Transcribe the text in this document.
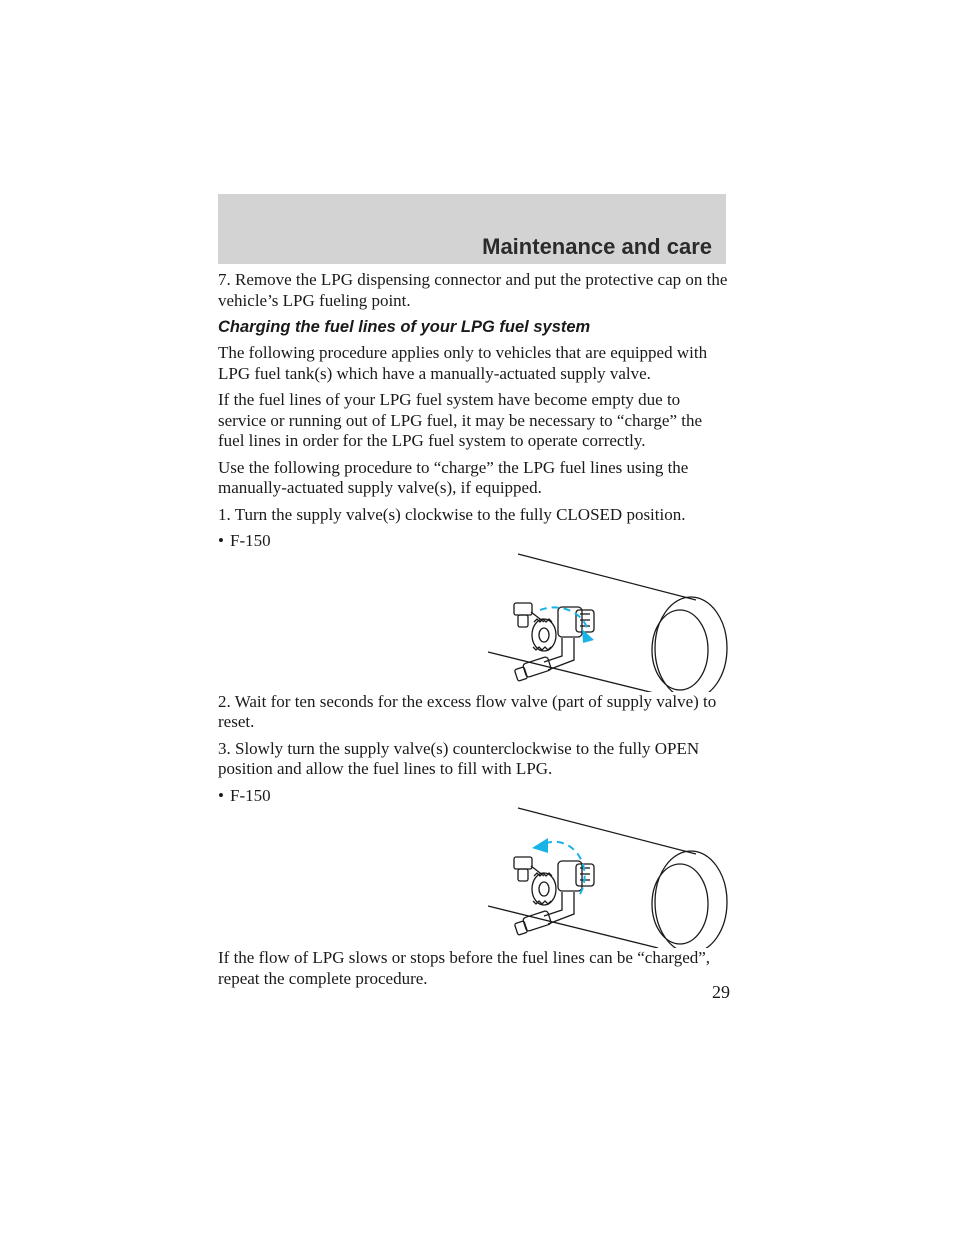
Maintenance and care

7. Remove the LPG dispensing connector and put the protective cap on the vehicle’s LPG fueling point.

Charging the fuel lines of your LPG fuel system

The following procedure applies only to vehicles that are equipped with LPG fuel tank(s) which have a manually-actuated supply valve.

If the fuel lines of your LPG fuel system have become empty due to service or running out of LPG fuel, it may be necessary to “charge” the fuel lines in order for the LPG fuel system to operate correctly.

Use the following procedure to “charge” the LPG fuel lines using the manually-actuated supply valve(s), if equipped.

1. Turn the supply valve(s) clockwise to the fully CLOSED position.

• F-150

2. Wait for ten seconds for the excess flow valve (part of supply valve) to reset.

3. Slowly turn the supply valve(s) counterclockwise to the fully OPEN position and allow the fuel lines to fill with LPG.

• F-150

If the flow of LPG slows or stops before the fuel lines can be “charged”, repeat the complete procedure.

29
